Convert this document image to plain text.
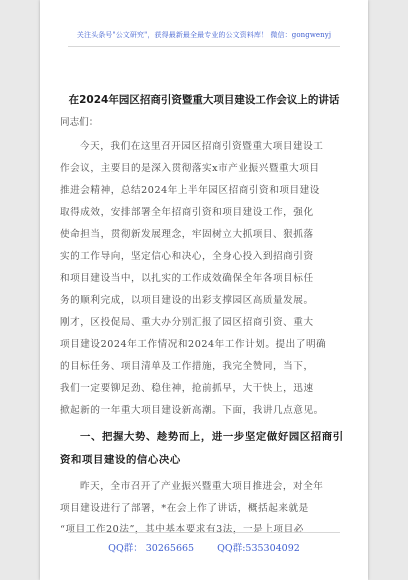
关注头条号"公文研究"，获得最新最全最专业的公文资料库！ 微信：gongwenyj
在2024年园区招商引资暨重大项目建设工作会议上的讲话
同志们：
今天，我们在这里召开园区招商引资暨重大项目建设工
作会议，主要目的是深入贯彻落实x市产业振兴暨重大项目
推进会精神，总结2024年上半年园区招商引资和项目建设
取得成效，安排部署全年招商引资和项目建设工作，强化
使命担当，贯彻新发展理念，牢固树立大抓项目、狠抓落
实的工作导向，坚定信心和决心，全身心投入到招商引资
和项目建设当中，以扎实的工作成效确保全年各项目标任
务的顺利完成，以项目建设的出彩支撑园区高质量发展。
刚才，区投促局、重大办分别汇报了园区招商引资、重大
项目建设2024年工作情况和2024年工作计划。提出了明确
的目标任务、项目清单及工作措施，我完全赞同，当下，
我们一定要铆足劲、稳住神，抢前抓早，大干快上，迅速
掀起新的一年重大项目建设新高潮。下面，我讲几点意见。
一、把握大势、趁势而上，进一步坚定做好园区招商引
资和项目建设的信心决心
昨天，全市召开了产业振兴暨重大项目推进会，对全年
项目建设进行了部署，*在会上作了讲话，概括起来就是
“项目工作20法”，其中基本要求有3法，一是上项目必
QQ群： 30265665 QQ群:535304092
